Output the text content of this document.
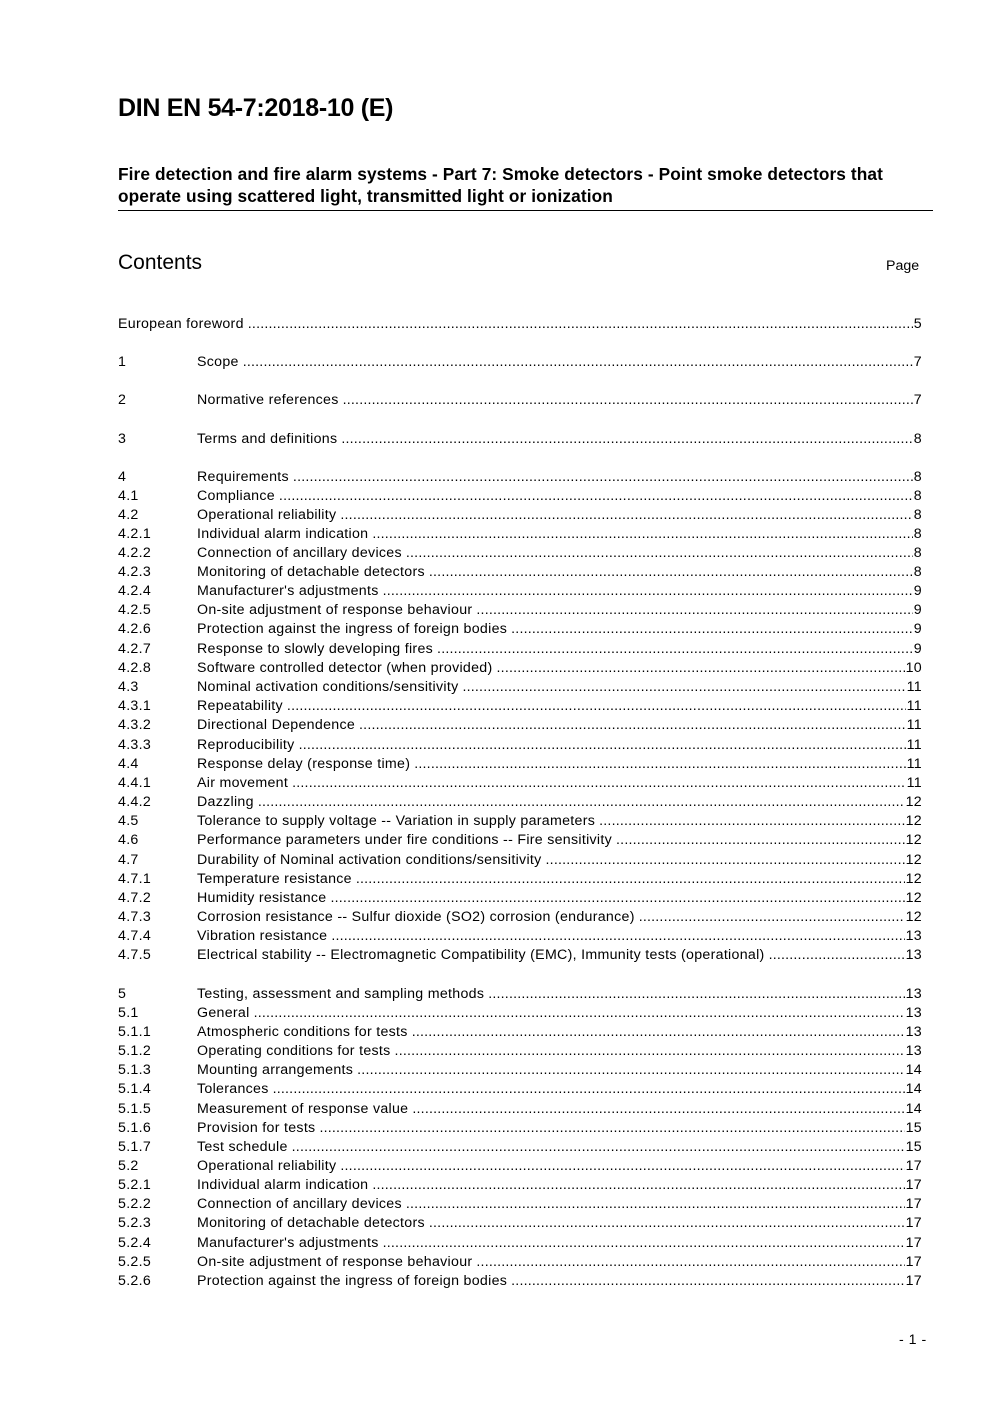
DIN EN 54-7:2018-10 (E)
Fire detection and fire alarm systems - Part 7: Smoke detectors - Point smoke detectors that operate using scattered light, transmitted light or ionization
Contents	Page
European foreword .....	5
1	Scope .....	7
2	Normative references .....	7
3	Terms and definitions .....	8
4	Requirements .....	8
4.1	Compliance .....	8
4.2	Operational reliability .....	8
4.2.1	Individual alarm indication .....	8
4.2.2	Connection of ancillary devices .....	8
4.2.3	Monitoring of detachable detectors .....	8
4.2.4	Manufacturer's adjustments .....	9
4.2.5	On-site adjustment of response behaviour .....	9
4.2.6	Protection against the ingress of foreign bodies .....	9
4.2.7	Response to slowly developing fires .....	9
4.2.8	Software controlled detector (when provided) .....	10
4.3	Nominal activation conditions/sensitivity .....	11
4.3.1	Repeatability .....	11
4.3.2	Directional Dependence .....	11
4.3.3	Reproducibility .....	11
4.4	Response delay (response time) .....	11
4.4.1	Air movement .....	11
4.4.2	Dazzling .....	12
4.5	Tolerance to supply voltage -- Variation in supply parameters .....	12
4.6	Performance parameters under fire conditions -- Fire sensitivity .....	12
4.7	Durability of Nominal activation conditions/sensitivity .....	12
4.7.1	Temperature resistance .....	12
4.7.2	Humidity resistance .....	12
4.7.3	Corrosion resistance -- Sulfur dioxide (SO2) corrosion (endurance) .....	12
4.7.4	Vibration resistance .....	13
4.7.5	Electrical stability -- Electromagnetic Compatibility (EMC), Immunity tests (operational) .....	13
5	Testing, assessment and sampling methods .....	13
5.1	General .....	13
5.1.1	Atmospheric conditions for tests .....	13
5.1.2	Operating conditions for tests .....	13
5.1.3	Mounting arrangements .....	14
5.1.4	Tolerances .....	14
5.1.5	Measurement of response value .....	14
5.1.6	Provision for tests .....	15
5.1.7	Test schedule .....	15
5.2	Operational reliability .....	17
5.2.1	Individual alarm indication .....	17
5.2.2	Connection of ancillary devices .....	17
5.2.3	Monitoring of detachable detectors .....	17
5.2.4	Manufacturer's adjustments .....	17
5.2.5	On-site adjustment of response behaviour .....	17
5.2.6	Protection against the ingress of foreign bodies .....	17
- 1 -
